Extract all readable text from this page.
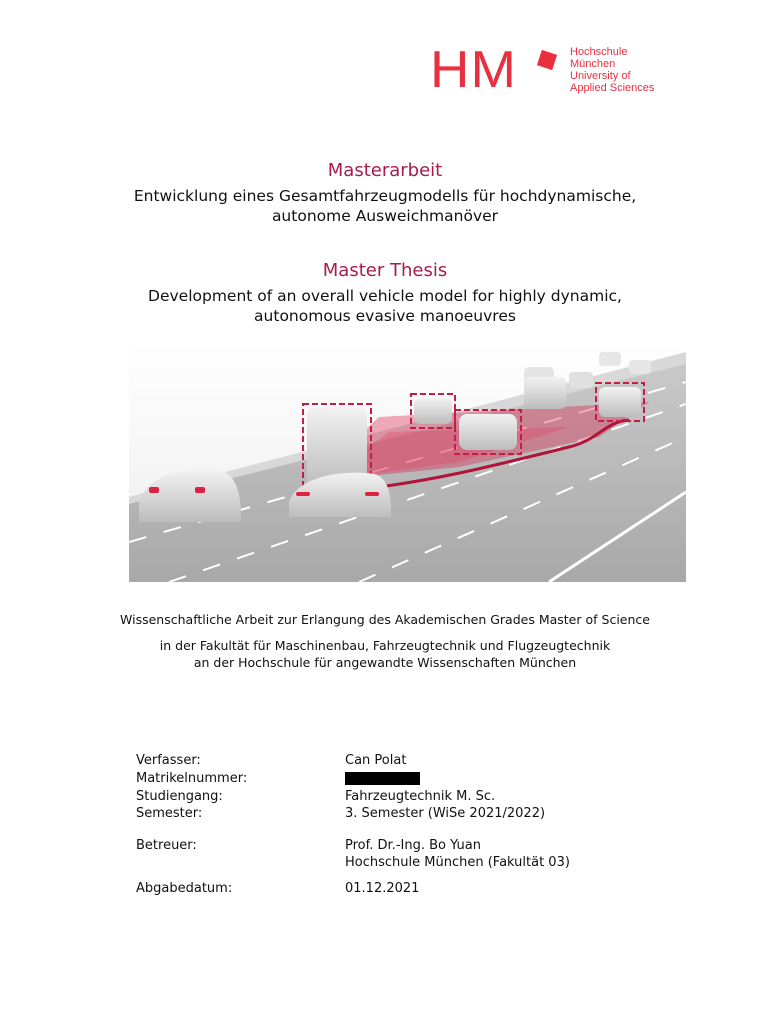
HM	Hochschule
München
University of
Applied Sciences
Masterarbeit
Entwicklung eines Gesamtfahrzeugmodells für hochdynamische,
autonome Ausweichmanöver
Master Thesis
Development of an overall vehicle model for highly dynamic,
autonomous evasive manoeuvres
Wissenschaftliche Arbeit zur Erlangung des Akademischen Grades Master of Science
in der Fakultät für Maschinenbau, Fahrzeugtechnik und Flugzeugtechnik
an der Hochschule für angewandte Wissenschaften München
Verfasser:	Can Polat
Matrikelnummer:
Studiengang:	Fahrzeugtechnik M. Sc.
Semester:	3. Semester (WiSe 2021/2022)
Betreuer:	Prof. Dr.-Ing. Bo Yuan
Hochschule München (Fakultät 03)
Abgabedatum:	01.12.2021
